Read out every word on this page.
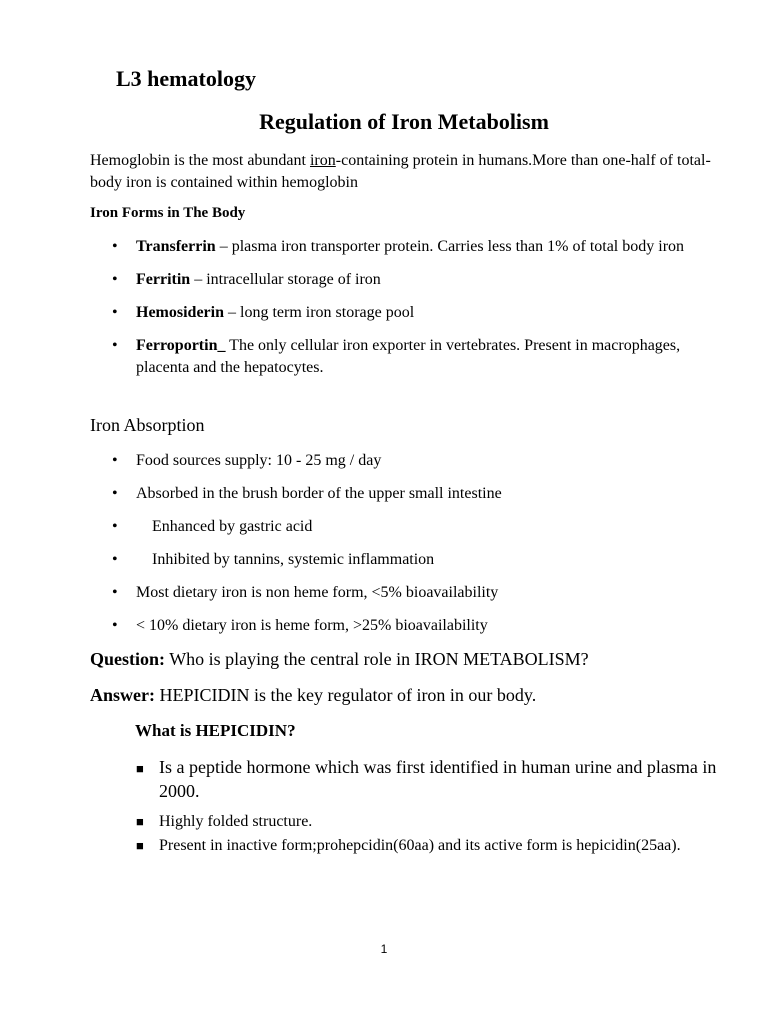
L3 hematology
Regulation of Iron Metabolism

Hemoglobin is the most abundant iron-containing protein in humans.More than one-half of total-body iron is contained within hemoglobin

Iron Forms in The Body
• Transferrin – plasma iron transporter protein. Carries less than 1% of total body iron
• Ferritin – intracellular storage of iron
• Hemosiderin – long term iron storage pool
• Ferroportin_ The only cellular iron exporter in vertebrates. Present in macrophages, placenta and the hepatocytes.
Iron Absorption
• Food sources supply: 10 - 25 mg / day
• Absorbed in the brush border of the upper small intestine
• Enhanced by gastric acid
• Inhibited by tannins, systemic inflammation
• Most dietary iron is non heme form, <5% bioavailability
• < 10% dietary iron is heme form, >25% bioavailability
Question: Who is playing the central role in IRON METABOLISM?
Answer: HEPICIDIN is the key regulator of iron in our body.
What is HEPICIDIN?
■ Is a peptide hormone which was first identified in human urine and plasma in 2000.
■ Highly folded structure.
■ Present in inactive form;prohepcidin(60aa) and its active form is hepicidin(25aa).
1
